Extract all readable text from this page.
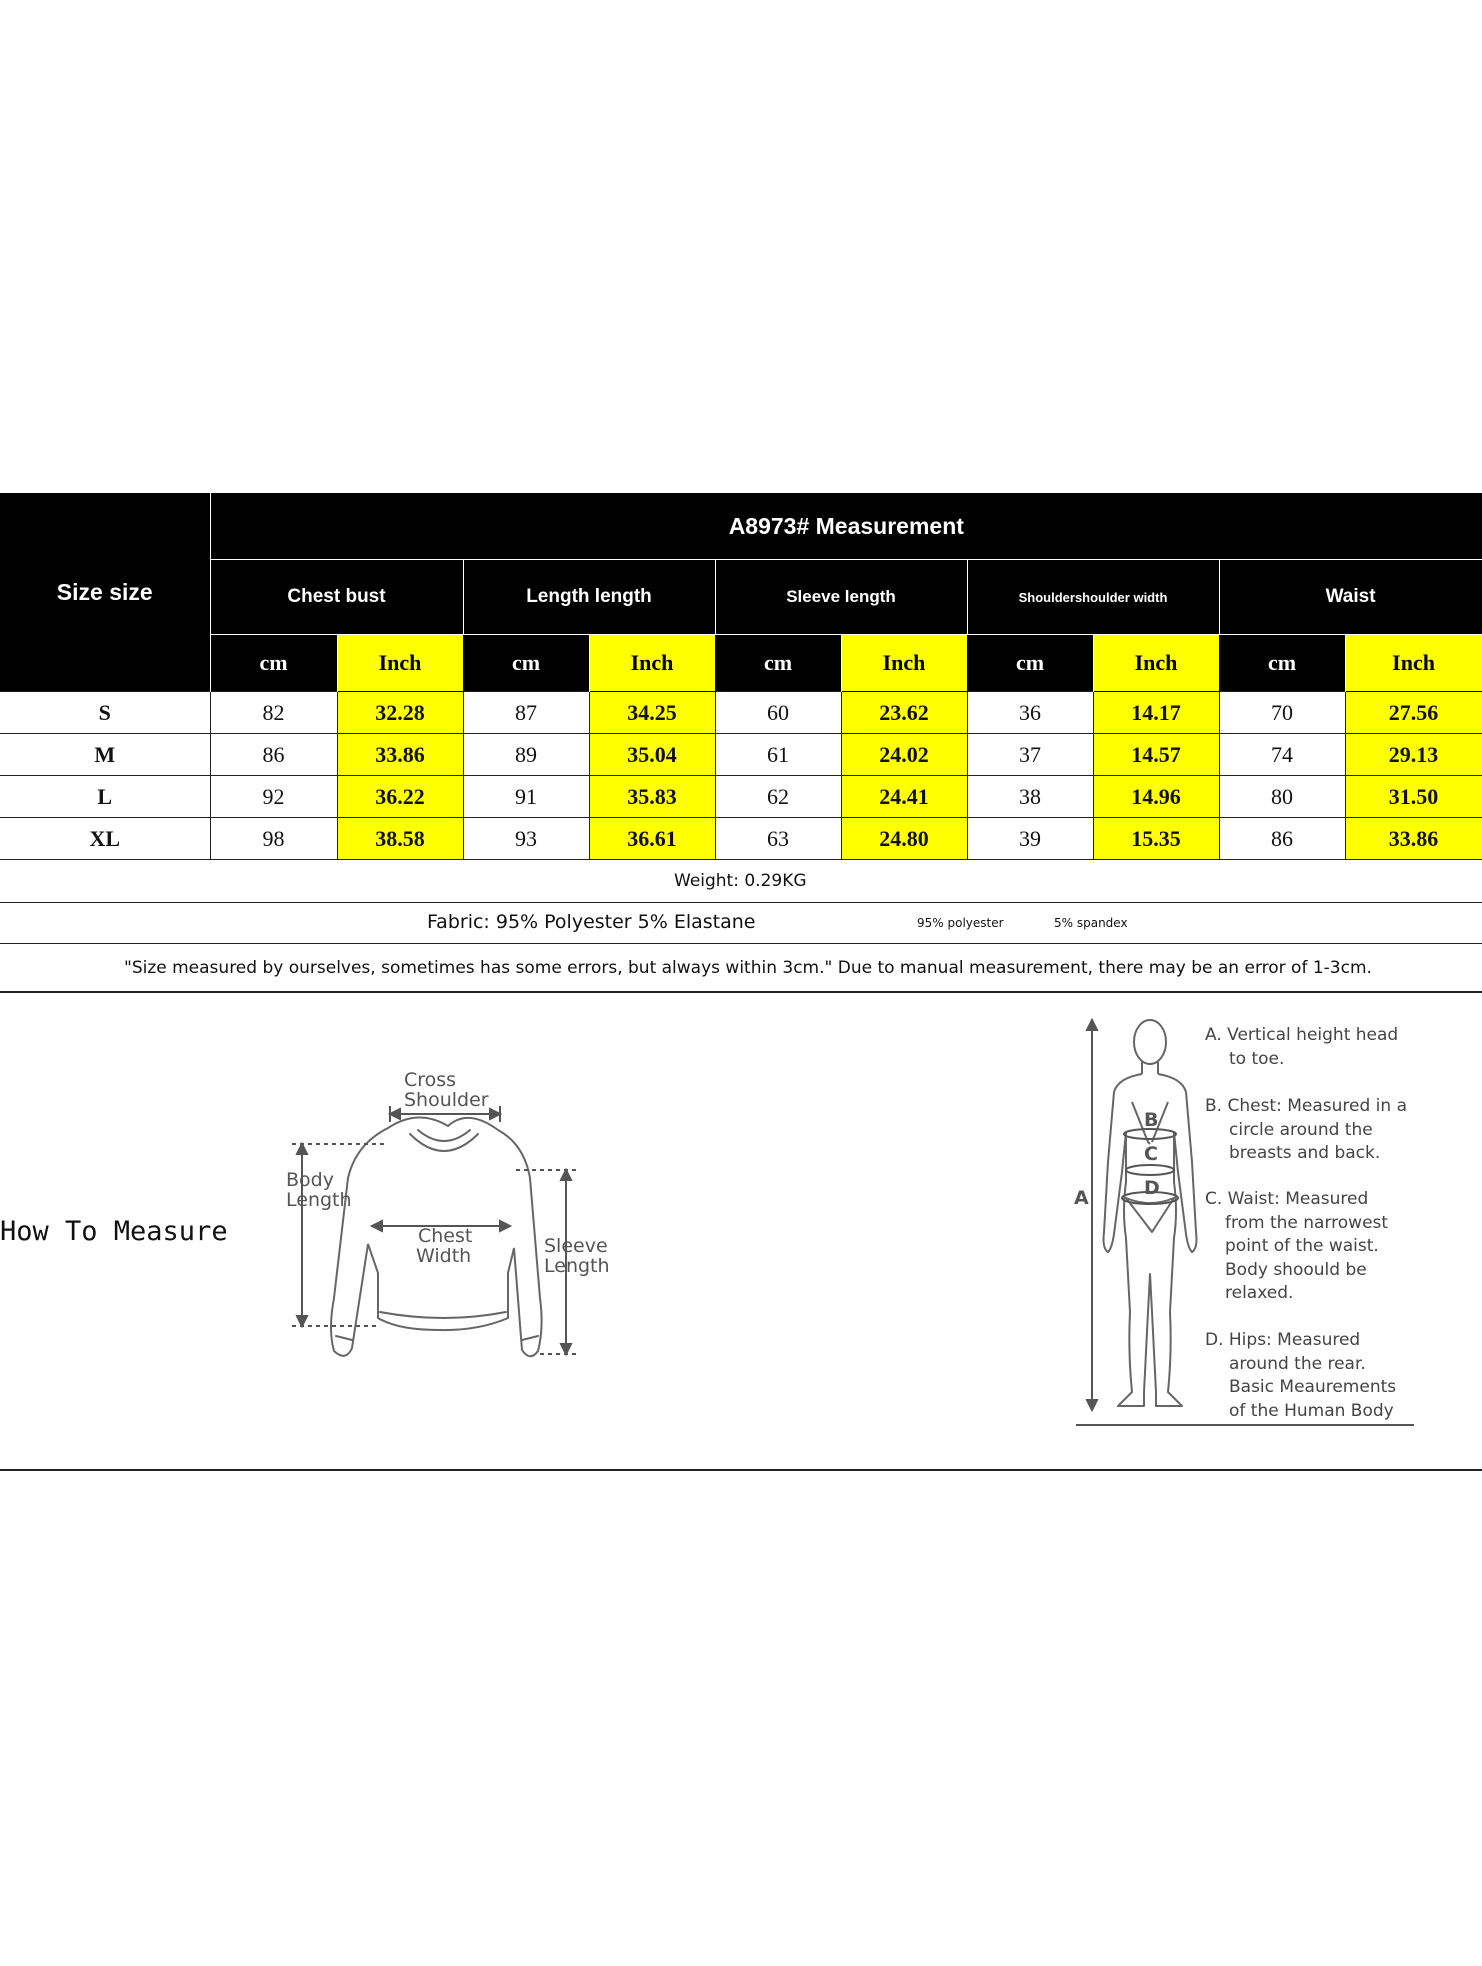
Size size	A8973# Measurement									
	Chest bust		Length length		Sleeve length		Shouldershoulder width		Waist	
	cm	Inch	cm	Inch	cm	Inch	cm	Inch	cm	Inch
S	82	32.28	87	34.25	60	23.62	36	14.17	70	27.56
M	86	33.86	89	35.04	61	24.02	37	14.57	74	29.13
L	92	36.22	91	35.83	62	24.41	38	14.96	80	31.50
XL	98	38.58	93	36.61	63	24.80	39	15.35	86	33.86
Weight: 0.29KG
Fabric: 95% Polyester 5% Elastane	95% polyester	5% spandex
"Size measured by ourselves, sometimes has some errors, but always within 3cm." Due to manual measurement, there may be an error of 1-3cm.
How To Measure
Cross
Shoulder
Body
Length
Chest
Width	Sleeve
Length
A
B
C
D
A. Vertical height head
to toe.
B. Chest: Measured in a
circle around the
breasts and back.
C. Waist: Measured
from the narrowest
point of the waist.
Body shoould be
relaxed.
D. Hips: Measured
around the rear.
Basic Meaurements
of the Human Body
